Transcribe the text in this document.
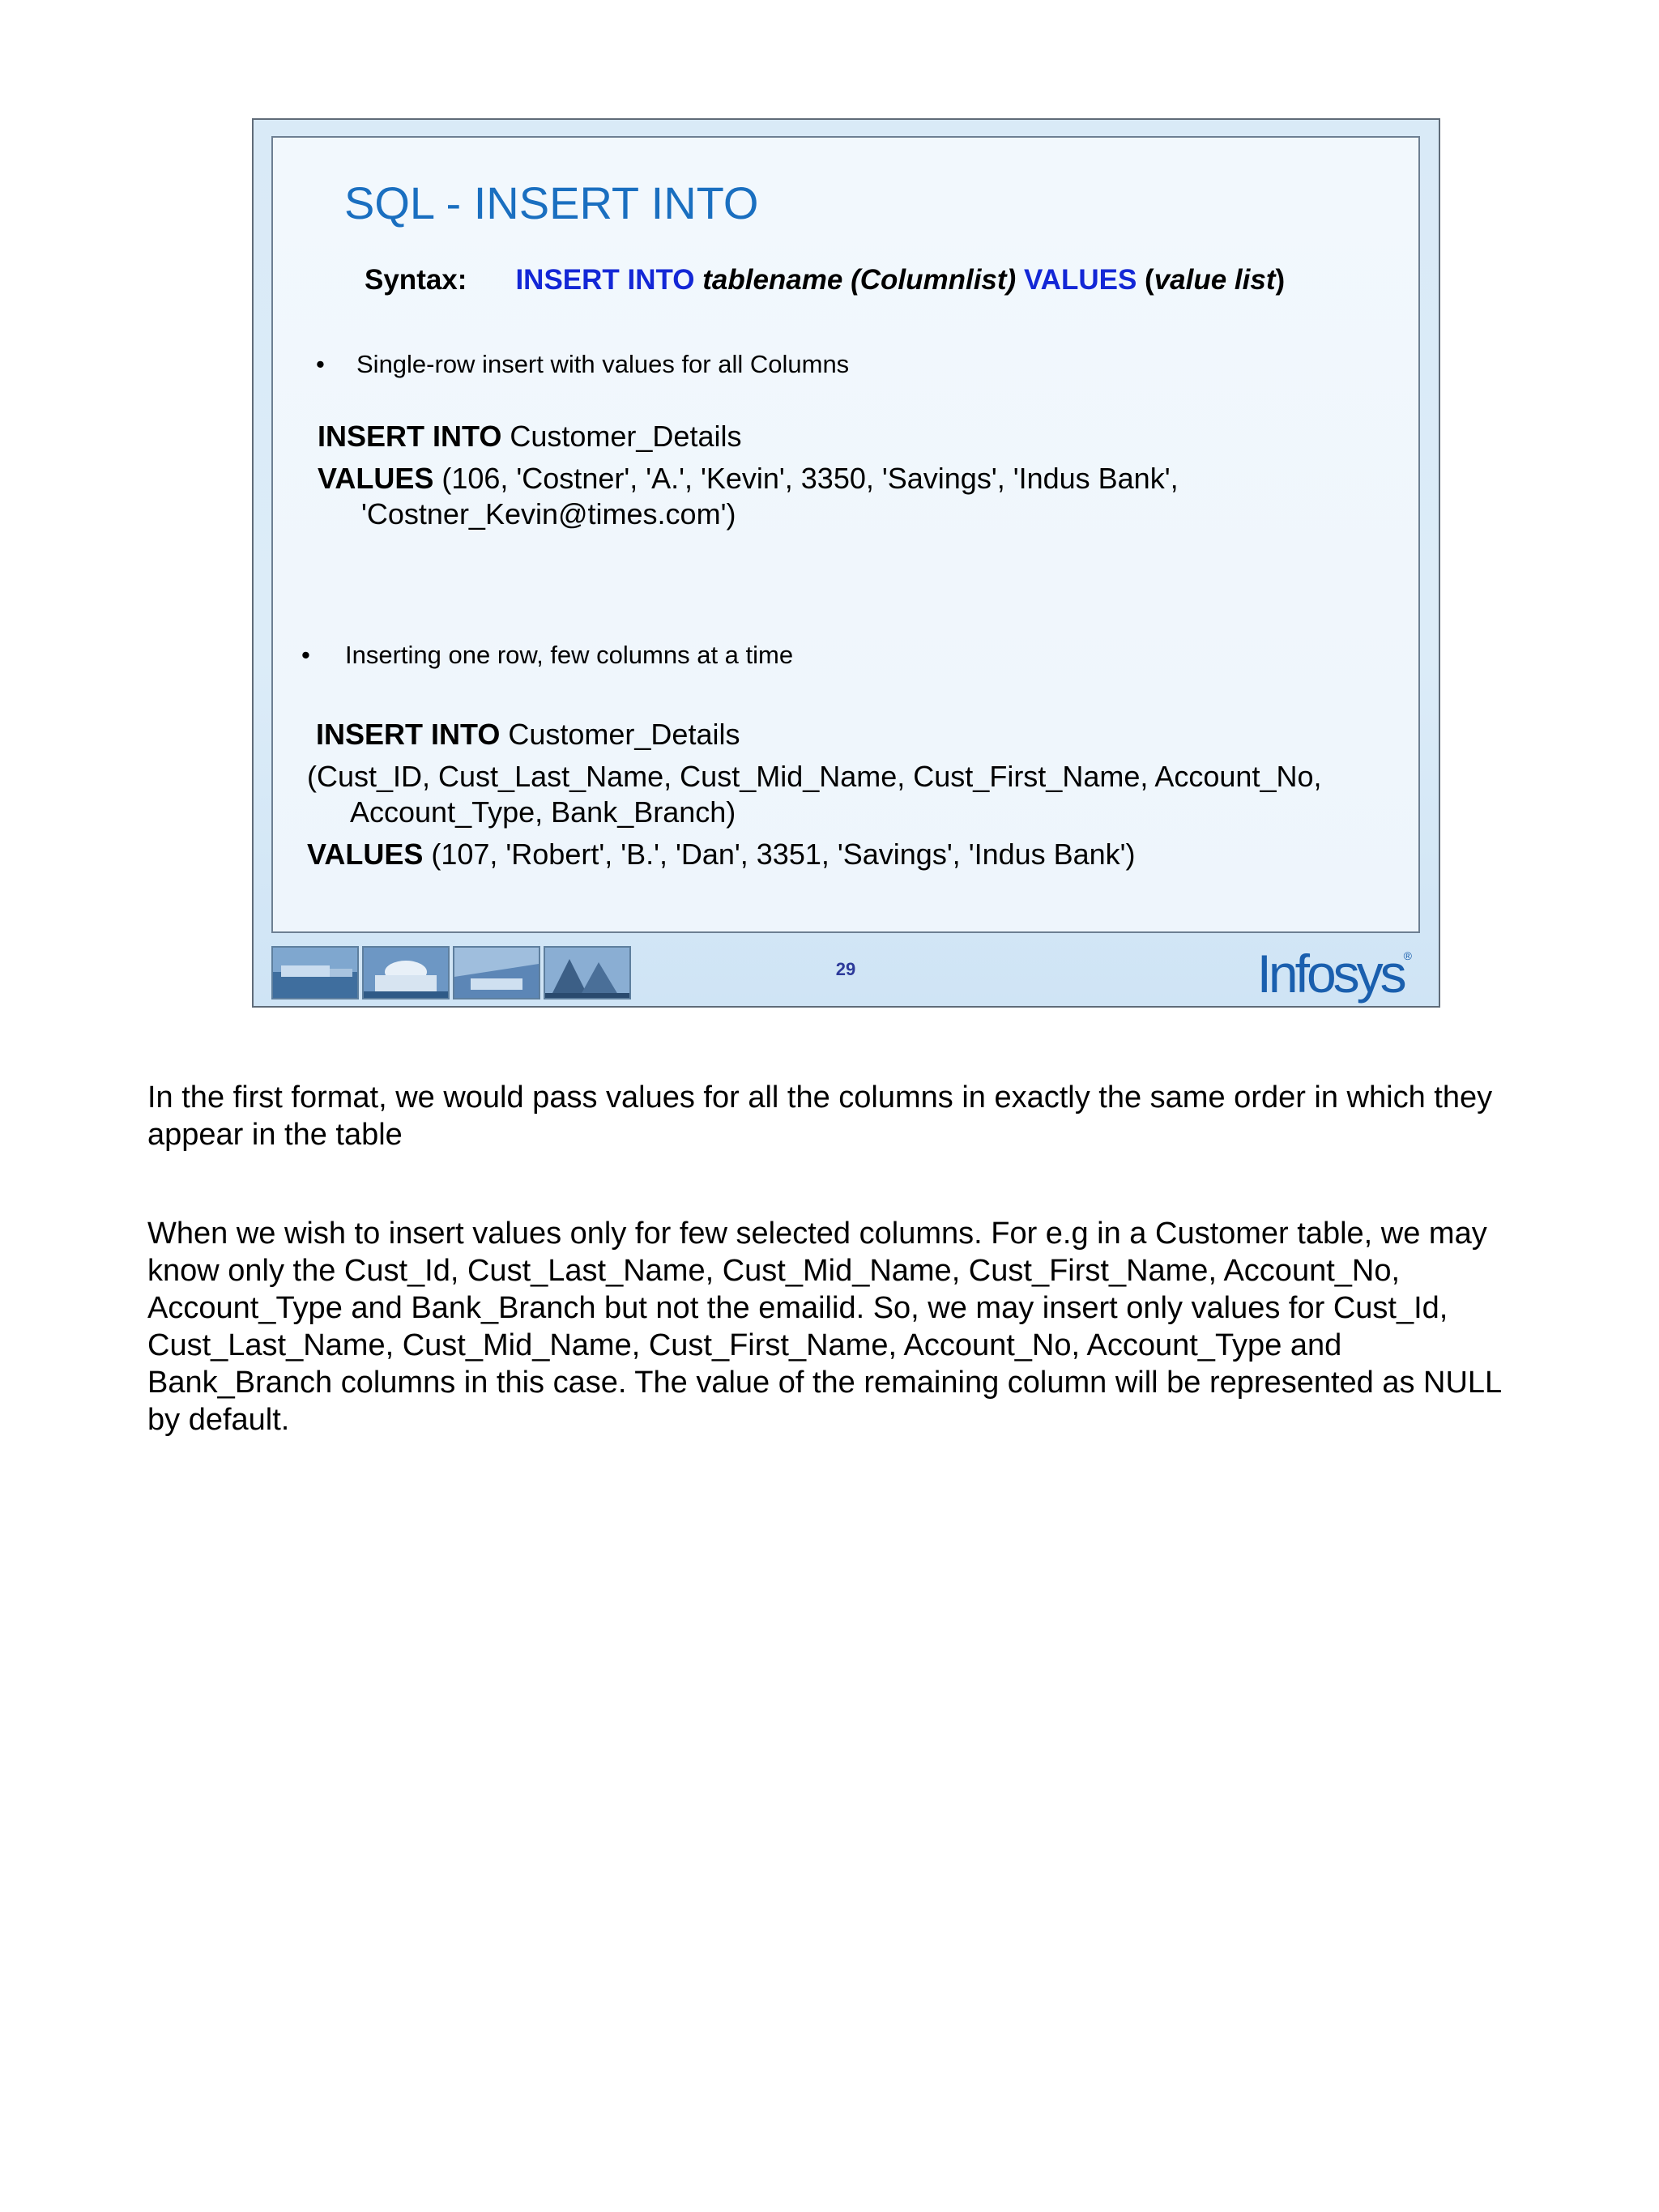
SQL - INSERT INTO
Syntax: INSERT INTO tablename (Columnlist) VALUES (value list)
• Single-row insert with values for all Columns
INSERT INTO Customer_Details
VALUES (106, 'Costner', 'A.', 'Kevin', 3350, 'Savings', 'Indus Bank',
'Costner_Kevin@times.com')
• Inserting one row, few columns at a time
INSERT INTO Customer_Details
(Cust_ID, Cust_Last_Name, Cust_Mid_Name, Cust_First_Name, Account_No,
Account_Type, Bank_Branch)
VALUES (107, 'Robert', 'B.', 'Dan', 3351, 'Savings', 'Indus Bank')
29	Infosys®
In the first format, we would pass values for all the columns in exactly the same order in which they
appear in the table
When we wish to insert values only for few selected columns. For e.g in a Customer table, we may
know only the Cust_Id, Cust_Last_Name, Cust_Mid_Name, Cust_First_Name, Account_No,
Account_Type and Bank_Branch but not the emailid. So, we may insert only values for Cust_Id,
Cust_Last_Name, Cust_Mid_Name, Cust_First_Name, Account_No, Account_Type and
Bank_Branch columns in this case. The value of the remaining column will be represented as NULL
by default.
